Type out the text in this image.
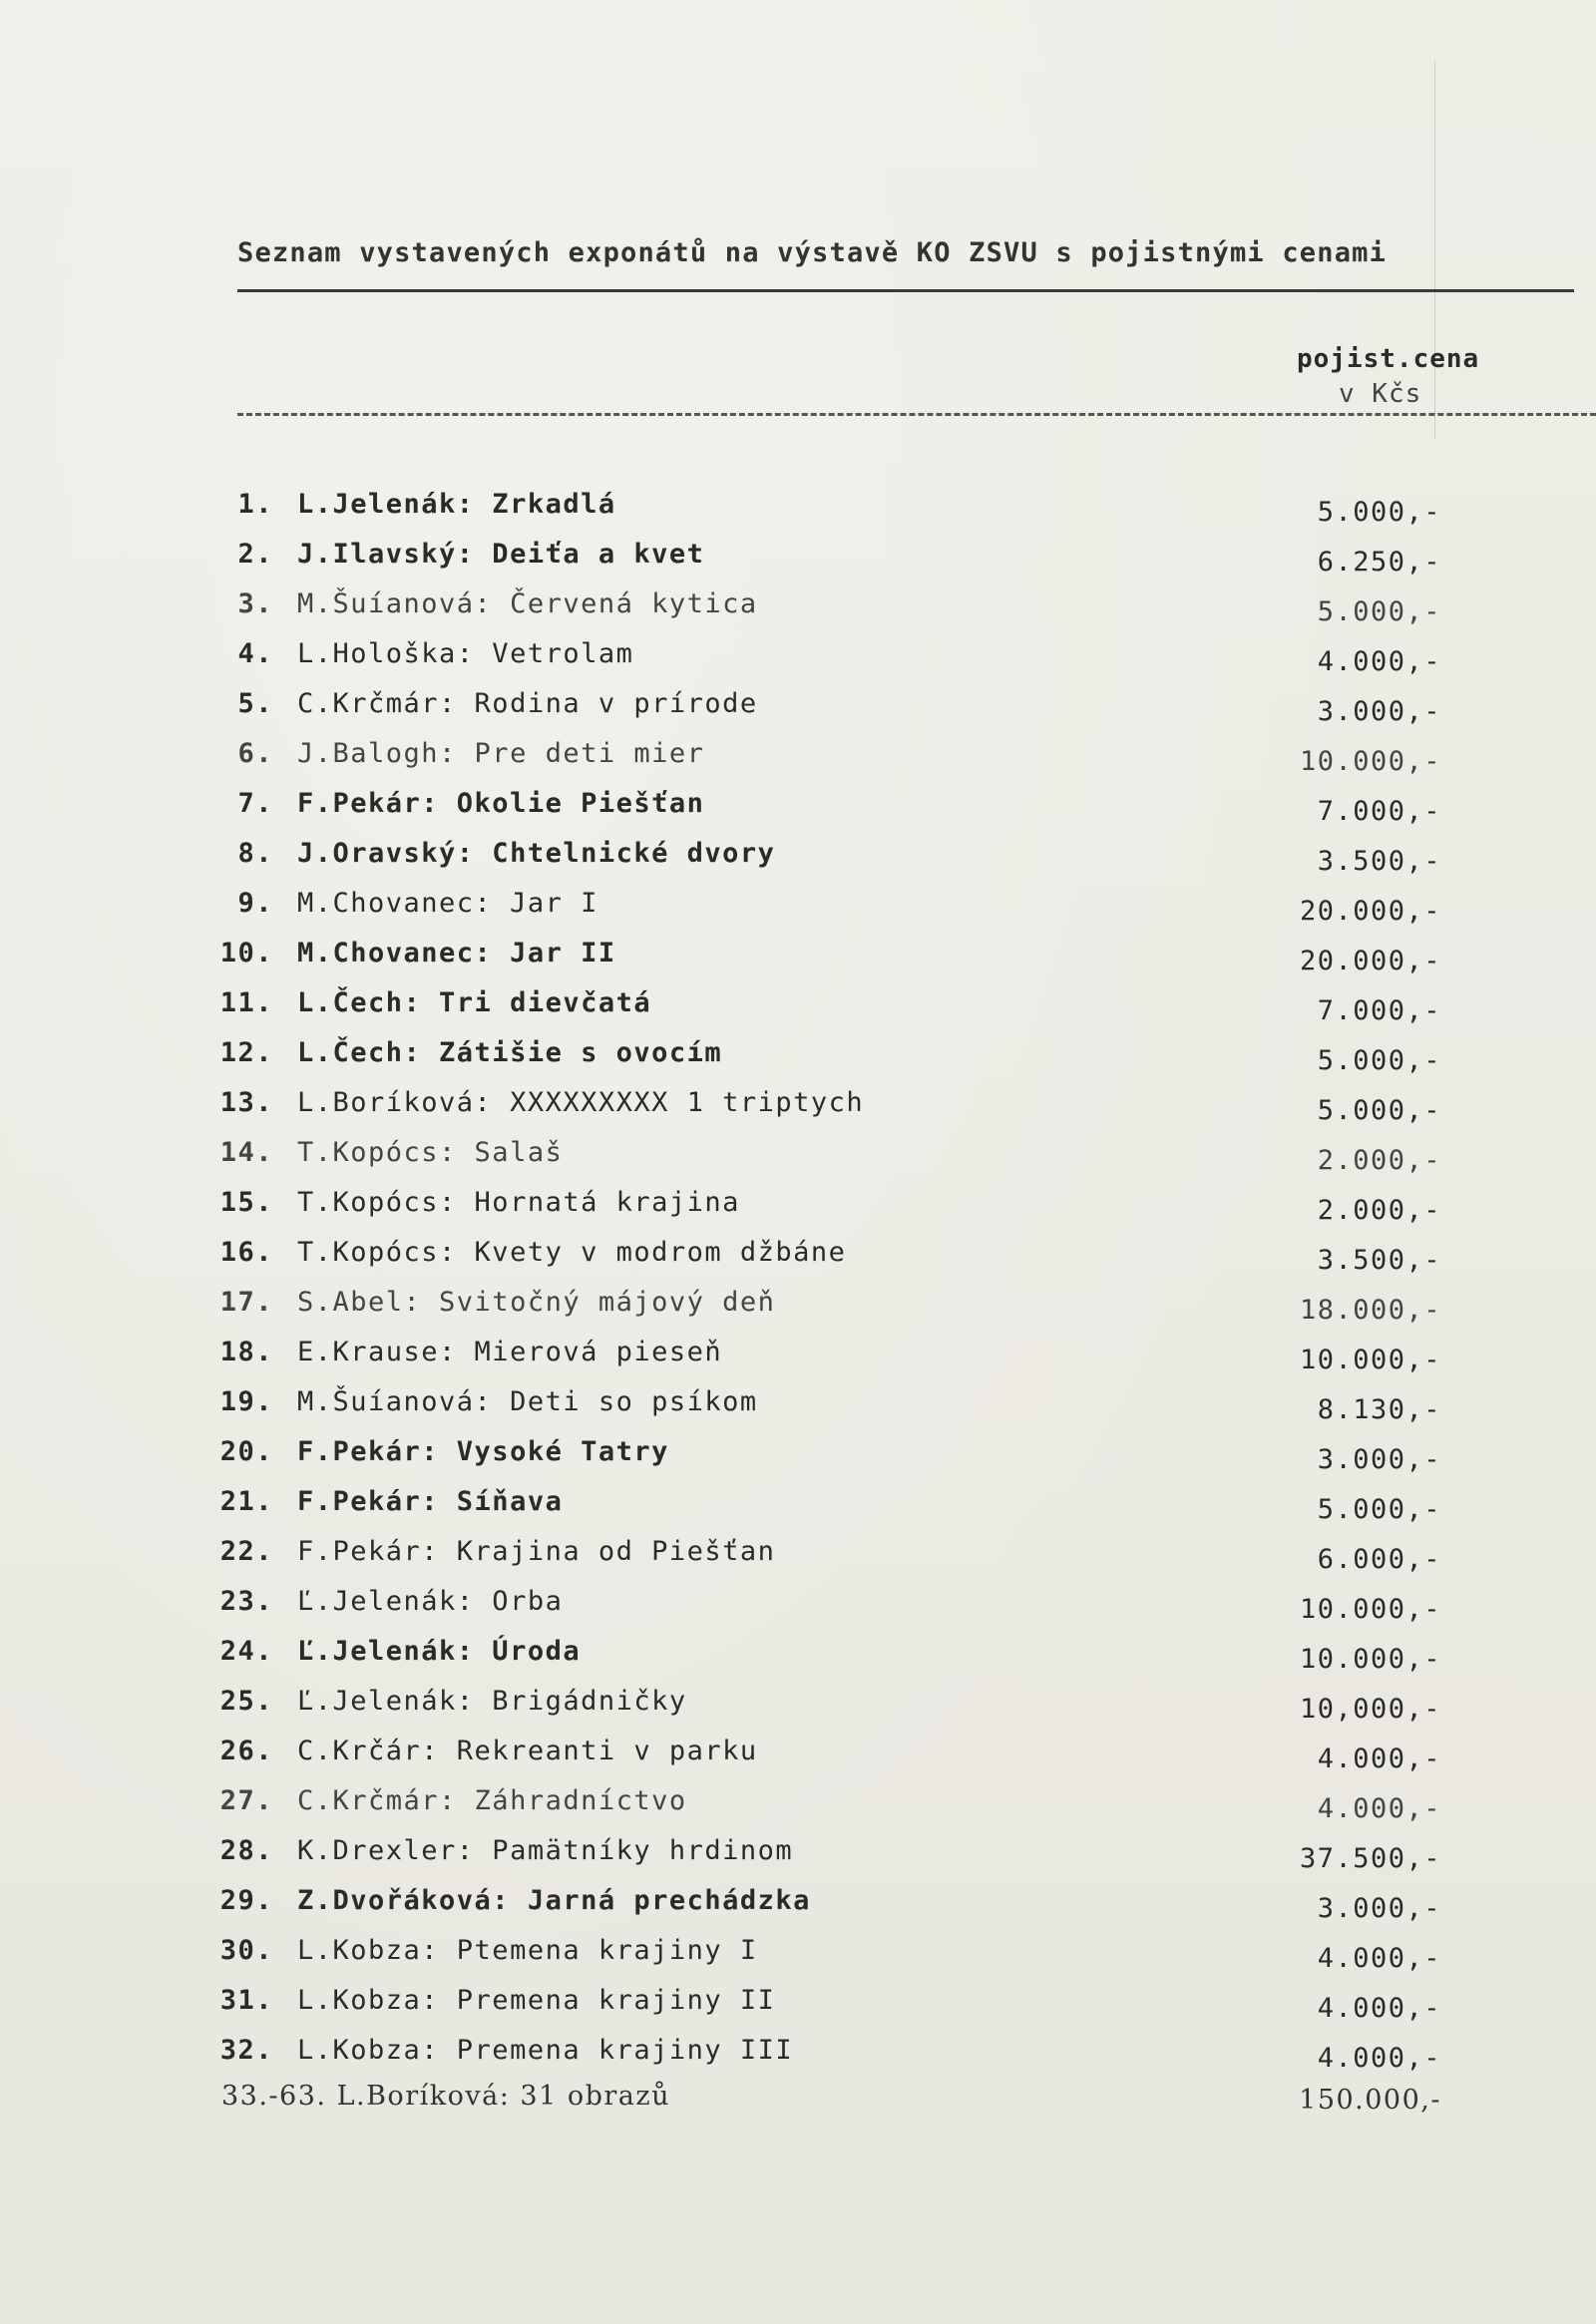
Seznam vystavených exponátů na výstavě KO ZSVU s pojistnými cenami
pojist.cena
v Kčs
1. L.Jelenák: Zrkadlá	5.000,-
2. J.Ilavský: Deiťa a kvet	6.250,-
3. M.Šuíanová: Červená kytica	5.000,-
4. L.Hološka: Vetrolam	4.000,-
5. C.Krčmár: Rodina v prírode	3.000,-
6. J.Balogh: Pre deti mier	10.000,-
7. F.Pekár: Okolie Piešťan	7.000,-
8. J.Oravský: Chtelnické dvory	3.500,-
9. M.Chovanec: Jar I	20.000,-
10. M.Chovanec: Jar II	20.000,-
11. L.Čech: Tri dievčatá	7.000,-
12. L.Čech: Zátišie s ovocím	5.000,-
13. L.Boríková: XXXXXXXXX 1 triptych	5.000,-
14. T.Kopócs: Salaš	2.000,-
15. T.Kopócs: Hornatá krajina	2.000,-
16. T.Kopócs: Kvety v modrom džbáne	3.500,-
17. S.Abel: Svitočný májový deň	18.000,-
18. E.Krause: Mierová pieseň	10.000,-
19. M.Šuíanová: Deti so psíkom	8.130,-
20. F.Pekár: Vysoké Tatry	3.000,-
21. F.Pekár: Síňava	5.000,-
22. F.Pekár: Krajina od Piešťan	6.000,-
23. Ľ.Jelenák: Orba	10.000,-
24. Ľ.Jelenák: Úroda	10.000,-
25. Ľ.Jelenák: Brigádničky	10,000,-
26. C.Krčár: Rekreanti v parku	4.000,-
27. C.Krčmár: Záhradníctvo	4.000,-
28. K.Drexler: Pamätníky hrdinom	37.500,-
29. Z.Dvořáková: Jarná prechádzka	3.000,-
30. L.Kobza: Ptemena krajiny I	4.000,-
31. L.Kobza: Premena krajiny II	4.000,-
32. L.Kobza: Premena krajiny III	4.000,-
33.-63. L.Boríková: 31 obrazů	150.000,-
